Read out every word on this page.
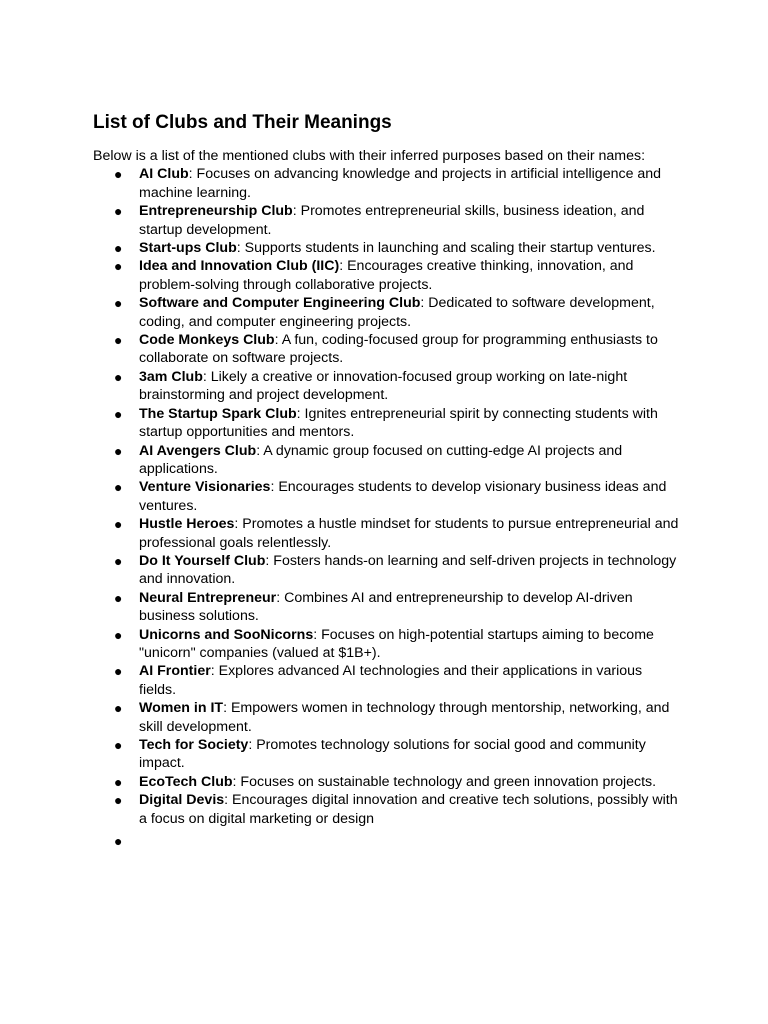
List of Clubs and Their Meanings

Below is a list of the mentioned clubs with their inferred purposes based on their names:

● AI Club: Focuses on advancing knowledge and projects in artificial intelligence and machine learning.
● Entrepreneurship Club: Promotes entrepreneurial skills, business ideation, and startup development.
● Start-ups Club: Supports students in launching and scaling their startup ventures.
● Idea and Innovation Club (IIC): Encourages creative thinking, innovation, and problem-solving through collaborative projects.
● Software and Computer Engineering Club: Dedicated to software development, coding, and computer engineering projects.
● Code Monkeys Club: A fun, coding-focused group for programming enthusiasts to collaborate on software projects.
● 3am Club: Likely a creative or innovation-focused group working on late-night brainstorming and project development.
● The Startup Spark Club: Ignites entrepreneurial spirit by connecting students with startup opportunities and mentors.
● AI Avengers Club: A dynamic group focused on cutting-edge AI projects and applications.
● Venture Visionaries: Encourages students to develop visionary business ideas and ventures.
● Hustle Heroes: Promotes a hustle mindset for students to pursue entrepreneurial and professional goals relentlessly.
● Do It Yourself Club: Fosters hands-on learning and self-driven projects in technology and innovation.
● Neural Entrepreneur: Combines AI and entrepreneurship to develop AI-driven business solutions.
● Unicorns and SooNicorns: Focuses on high-potential startups aiming to become "unicorn" companies (valued at $1B+).
● AI Frontier: Explores advanced AI technologies and their applications in various fields.
● Women in IT: Empowers women in technology through mentorship, networking, and skill development.
● Tech for Society: Promotes technology solutions for social good and community impact.
● EcoTech Club: Focuses on sustainable technology and green innovation projects.
● Digital Devis: Encourages digital innovation and creative tech solutions, possibly with a focus on digital marketing or design
●
